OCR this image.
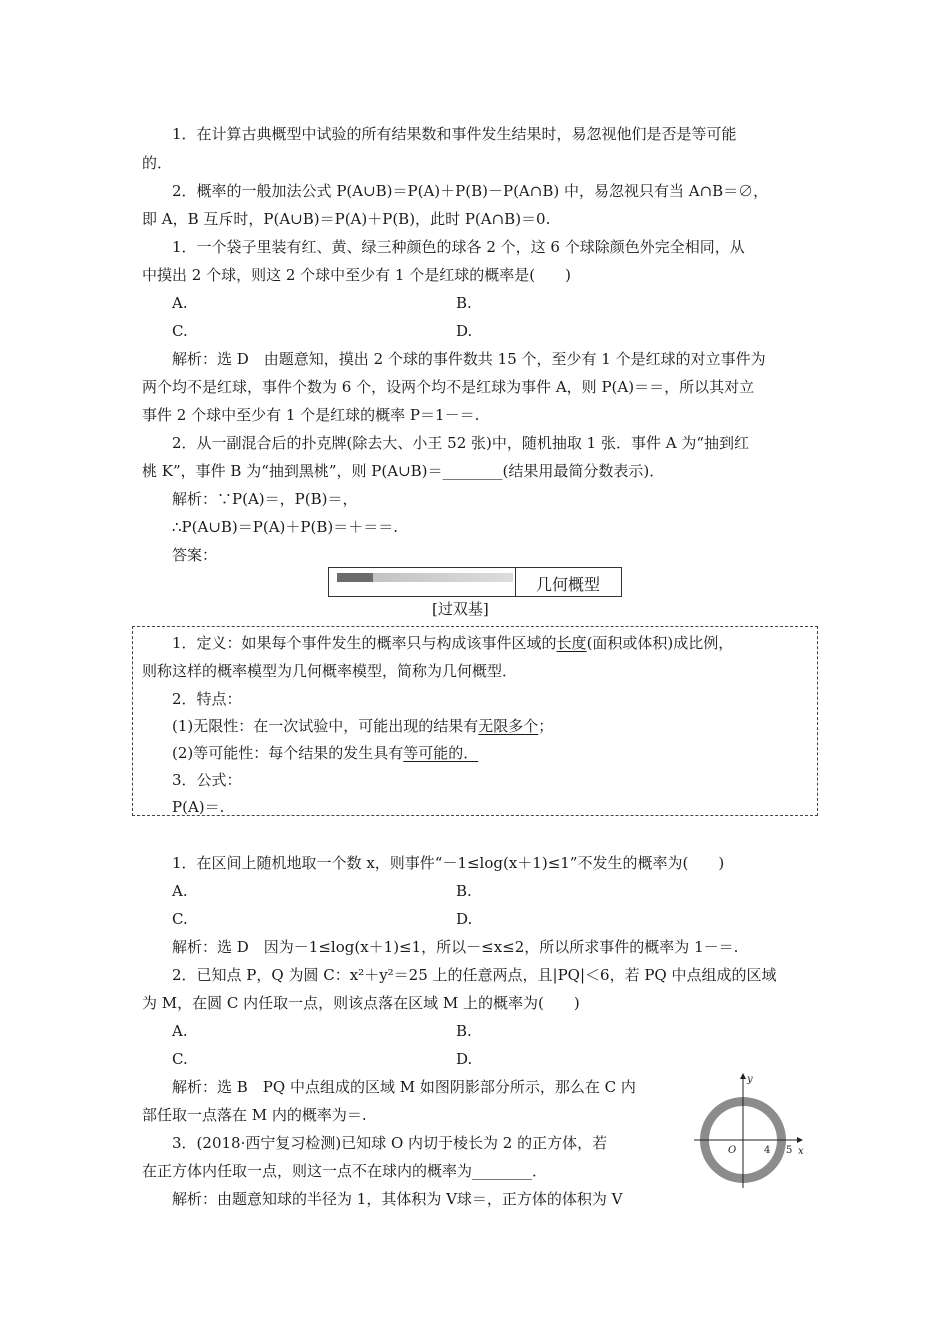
1．在计算古典概型中试验的所有结果数和事件发生结果时，易忽视他们是否是等可能
的．
2．概率的一般加法公式 P(A∪B)＝P(A)＋P(B)－P(A∩B) 中，易忽视只有当 A∩B＝∅，
即 A，B 互斥时，P(A∪B)＝P(A)＋P(B)，此时 P(A∩B)＝0.
1．一个袋子里装有红、黄、绿三种颜色的球各 2 个，这 6 个球除颜色外完全相同，从
中摸出 2 个球，则这 2 个球中至少有 1 个是红球的概率是(　　)
A.	B.
C.	D.
解析：选 D　由题意知，摸出 2 个球的事件数共 15 个，至少有 1 个是红球的对立事件为
两个均不是红球，事件个数为 6 个，设两个均不是红球为事件 A，则 P(A)＝＝，所以其对立
事件 2 个球中至少有 1 个是红球的概率 P＝1－＝.
2．从一副混合后的扑克牌(除去大、小王 52 张)中，随机抽取 1 张．事件 A 为“抽到红
桃 K”，事件 B 为“抽到黑桃”，则 P(A∪B)＝________(结果用最简分数表示)．
解析：∵P(A)＝，P(B)＝，
∴P(A∪B)＝P(A)＋P(B)＝＋＝＝.
答案：
几何概型
[过双基]
1．定义：如果每个事件发生的概率只与构成该事件区域的长度(面积或体积)成比例，
则称这样的概率模型为几何概率模型，简称为几何概型．
2．特点：
(1)无限性：在一次试验中，可能出现的结果有无限多个；
(2)等可能性：每个结果的发生具有等可能的．
3．公式：
P(A)＝.
1．在区间上随机地取一个数 x，则事件“－1≤log(x＋1)≤1”不发生的概率为(　　)
A.	B.
C.	D.
解析：选 D　因为－1≤log(x＋1)≤1，所以－≤x≤2，所以所求事件的概率为 1－＝.
2．已知点 P，Q 为圆 C：x²＋y²＝25 上的任意两点，且|PQ|＜6，若 PQ 中点组成的区域
为 M，在圆 C 内任取一点，则该点落在区域 M 上的概率为(　　)
A.	B.
C.	D.
解析：选 B　PQ 中点组成的区域 M 如图阴影部分所示，那么在 C 内
部任取一点落在 M 内的概率为＝.
3．(2018·西宁复习检测)已知球 O 内切于棱长为 2 的正方体，若
在正方体内任取一点，则这一点不在球内的概率为________．
解析：由题意知球的半径为 1，其体积为 V球＝，正方体的体积为 V
y
x
O	4 5
